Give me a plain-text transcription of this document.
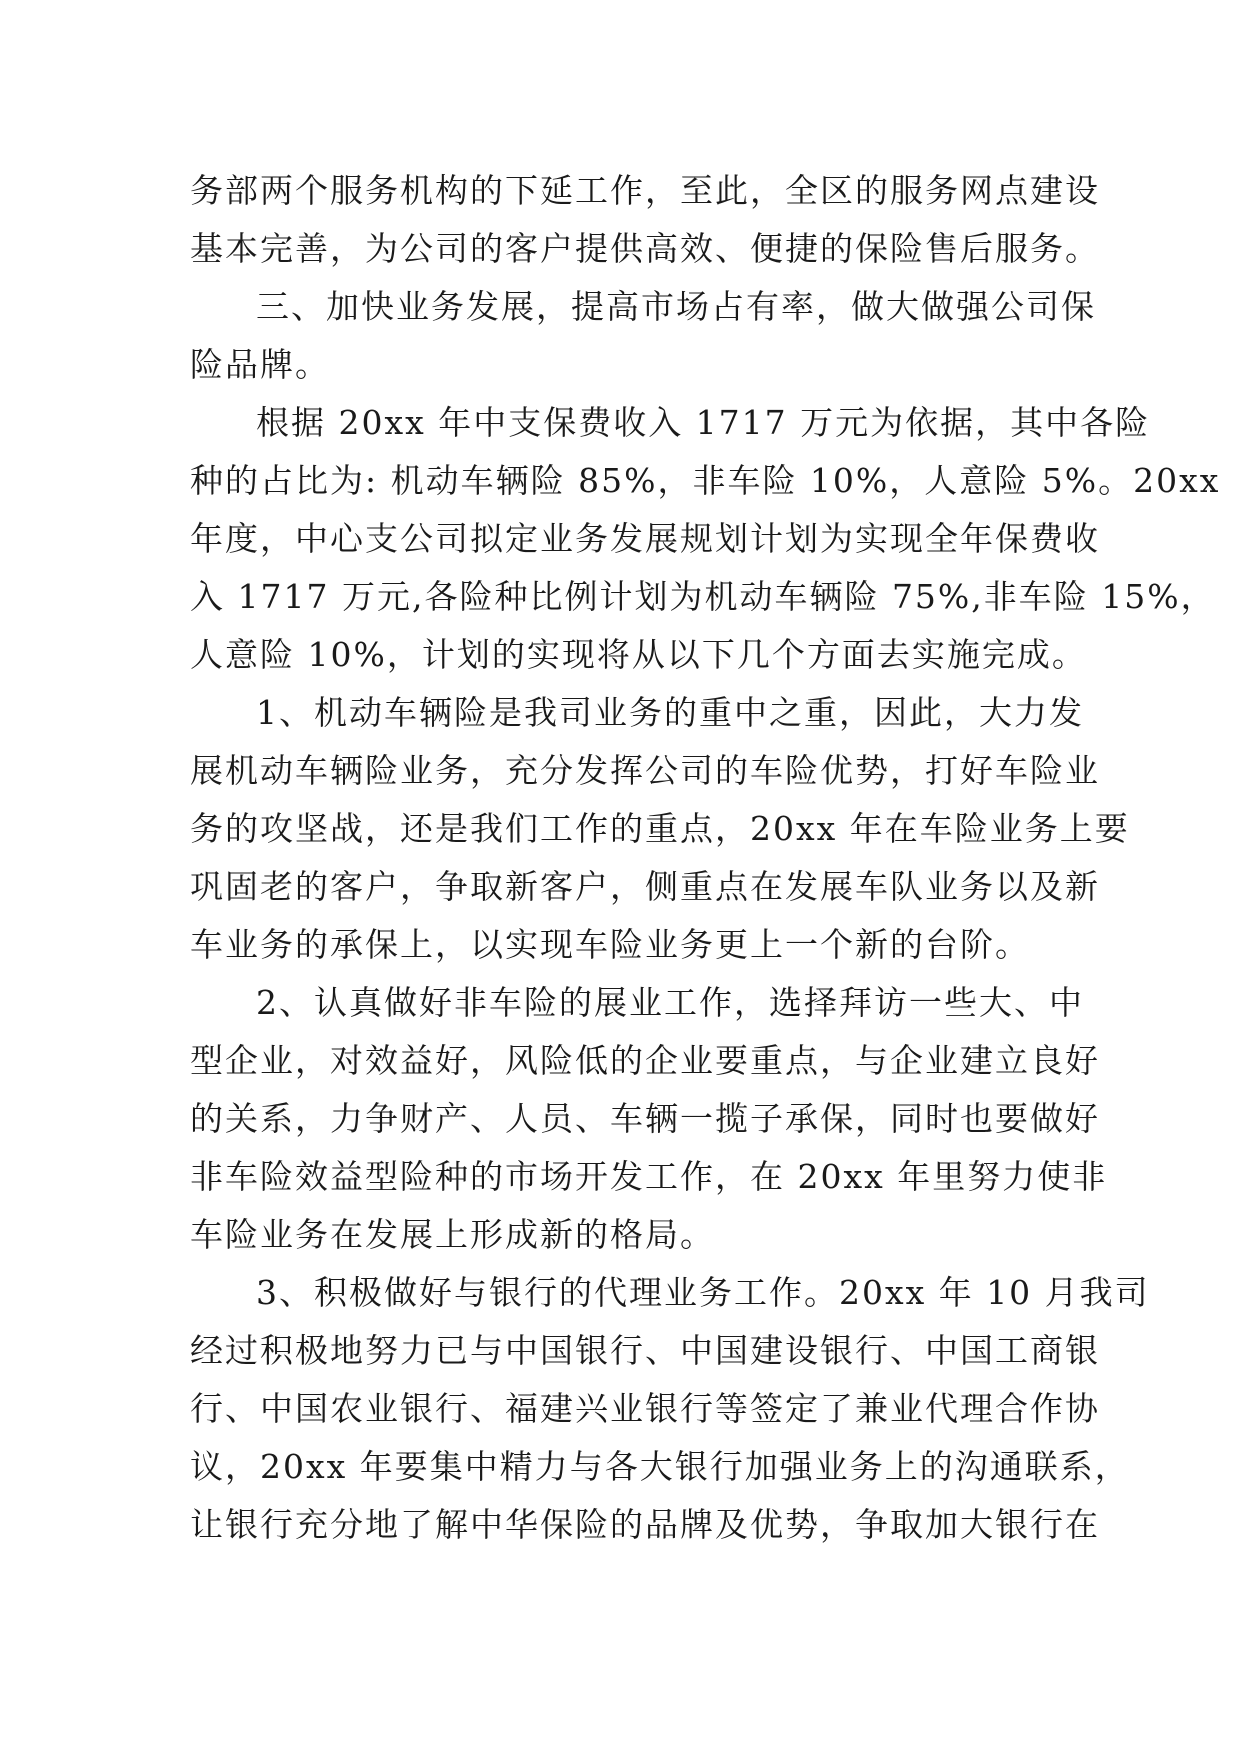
务部两个服务机构的下延工作，至此，全区的服务网点建设
基本完善，为公司的客户提供高效、便捷的保险售后服务。
三、加快业务发展，提高市场占有率，做大做强公司保
险品牌。
根据 20xx 年中支保费收入 1717 万元为依据，其中各险
种的占比为: 机动车辆险 85%，非车险 10%，人意险 5%。20xx
年度，中心支公司拟定业务发展规划计划为实现全年保费收
入 1717 万元,各险种比例计划为机动车辆险 75%,非车险 15%，
人意险 10%，计划的实现将从以下几个方面去实施完成。
1、机动车辆险是我司业务的重中之重，因此，大力发
展机动车辆险业务，充分发挥公司的车险优势，打好车险业
务的攻坚战，还是我们工作的重点，20xx 年在车险业务上要
巩固老的客户，争取新客户，侧重点在发展车队业务以及新
车业务的承保上，以实现车险业务更上一个新的台阶。
2、认真做好非车险的展业工作，选择拜访一些大、中
型企业，对效益好，风险低的企业要重点，与企业建立良好
的关系，力争财产、人员、车辆一揽子承保，同时也要做好
非车险效益型险种的市场开发工作，在 20xx 年里努力使非
车险业务在发展上形成新的格局。
3、积极做好与银行的代理业务工作。20xx 年 10 月我司
经过积极地努力已与中国银行、中国建设银行、中国工商银
行、中国农业银行、福建兴业银行等签定了兼业代理合作协
议，20xx 年要集中精力与各大银行加强业务上的沟通联系，
让银行充分地了解中华保险的品牌及优势，争取加大银行在
